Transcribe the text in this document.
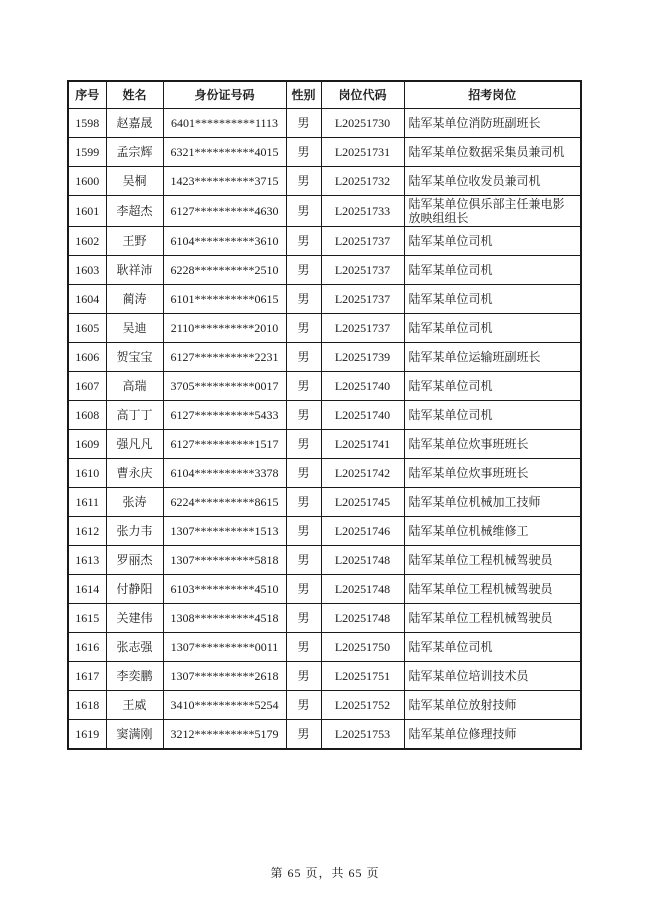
序号	姓名	身份证号码	性别	岗位代码	招考岗位
1598	赵嘉晟	6401**********1113	男	L20251730	陆军某单位消防班副班长
1599	孟宗辉	6321**********4015	男	L20251731	陆军某单位数据采集员兼司机
1600	吴桐	1423**********3715	男	L20251732	陆军某单位收发员兼司机
1601	李超杰	6127**********4630	男	L20251733	陆军某单位俱乐部主任兼电影放映组组长
1602	王野	6104**********3610	男	L20251737	陆军某单位司机
1603	耿祥沛	6228**********2510	男	L20251737	陆军某单位司机
1604	蔺涛	6101**********0615	男	L20251737	陆军某单位司机
1605	吴迪	2110**********2010	男	L20251737	陆军某单位司机
1606	贺宝宝	6127**********2231	男	L20251739	陆军某单位运输班副班长
1607	高瑞	3705**********0017	男	L20251740	陆军某单位司机
1608	高丁丁	6127**********5433	男	L20251740	陆军某单位司机
1609	强凡凡	6127**********1517	男	L20251741	陆军某单位炊事班班长
1610	曹永庆	6104**********3378	男	L20251742	陆军某单位炊事班班长
1611	张涛	6224**********8615	男	L20251745	陆军某单位机械加工技师
1612	张力韦	1307**********1513	男	L20251746	陆军某单位机械维修工
1613	罗丽杰	1307**********5818	男	L20251748	陆军某单位工程机械驾驶员
1614	付静阳	6103**********4510	男	L20251748	陆军某单位工程机械驾驶员
1615	关建伟	1308**********4518	男	L20251748	陆军某单位工程机械驾驶员
1616	张志强	1307**********0011	男	L20251750	陆军某单位司机
1617	李奕鹏	1307**********2618	男	L20251751	陆军某单位培训技术员
1618	王威	3410**********5254	男	L20251752	陆军某单位放射技师
1619	窦满刚	3212**********5179	男	L20251753	陆军某单位修理技师
第 65 页，共 65 页
